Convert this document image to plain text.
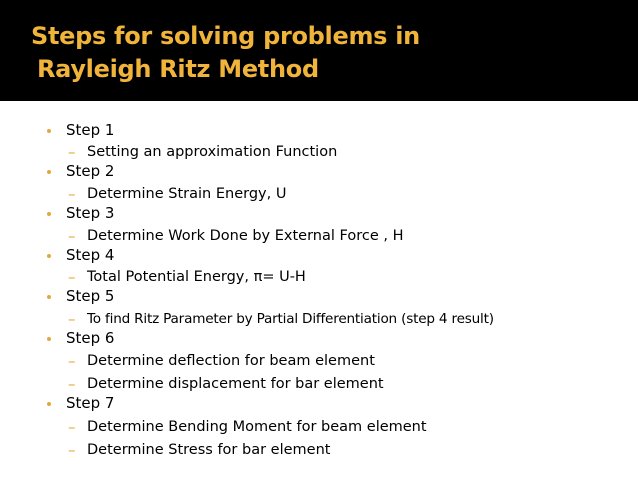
Steps for solving problems in
Rayleigh Ritz Method
Step 1
– Setting an approximation Function
Step 2
– Determine Strain Energy, U
Step 3
– Determine Work Done by External Force , H
Step 4
– Total Potential Energy, π= U-H
Step 5
– To find Ritz Parameter by Partial Differentiation (step 4 result)
Step 6
– Determine deflection for beam element
– Determine displacement for bar element
Step 7
– Determine Bending Moment for beam element
– Determine Stress for bar element
